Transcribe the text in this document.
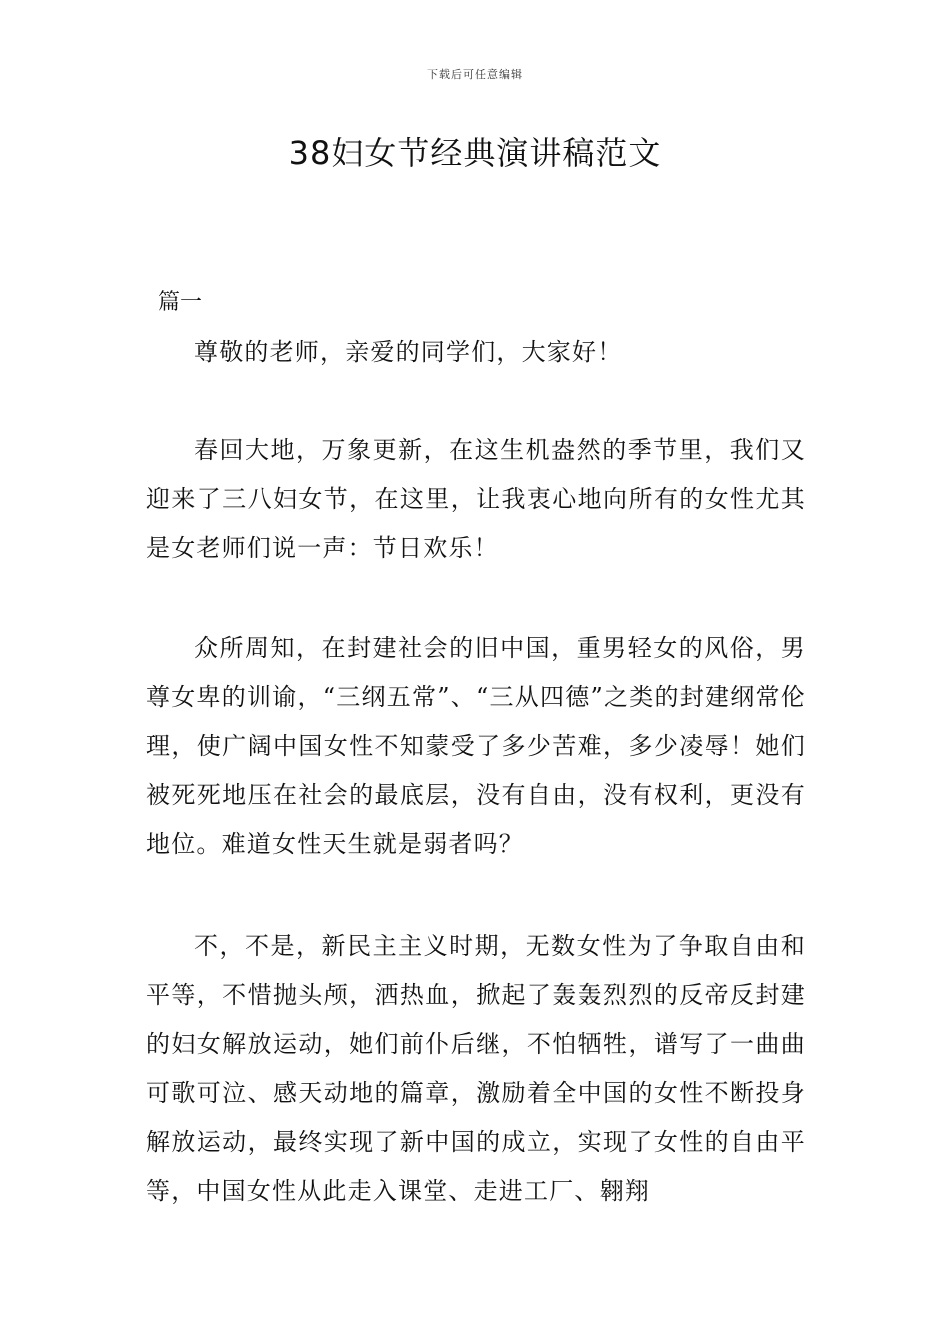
下载后可任意编辑
38妇女节经典演讲稿范文
篇一

尊敬的老师，亲爱的同学们，大家好！

春回大地，万象更新，在这生机盎然的季节里，我们又迎来了三八妇女节，在这里，让我衷心地向所有的女性尤其是女老师们说一声：节日欢乐！

众所周知，在封建社会的旧中国，重男轻女的风俗，男尊女卑的训谕，“三纲五常”、“三从四德”之类的封建纲常伦理，使广阔中国女性不知蒙受了多少苦难，多少凌辱！她们被死死地压在社会的最底层，没有自由，没有权利，更没有地位。难道女性天生就是弱者吗？

不，不是，新民主主义时期，无数女性为了争取自由和平等，不惜抛头颅，洒热血，掀起了轰轰烈烈的反帝反封建的妇女解放运动，她们前仆后继，不怕牺牲，谱写了一曲曲可歌可泣、感天动地的篇章，激励着全中国的女性不断投身解放运动，最终实现了新中国的成立，实现了女性的自由平等，中国女性从此走入课堂、走进工厂、翱翔
